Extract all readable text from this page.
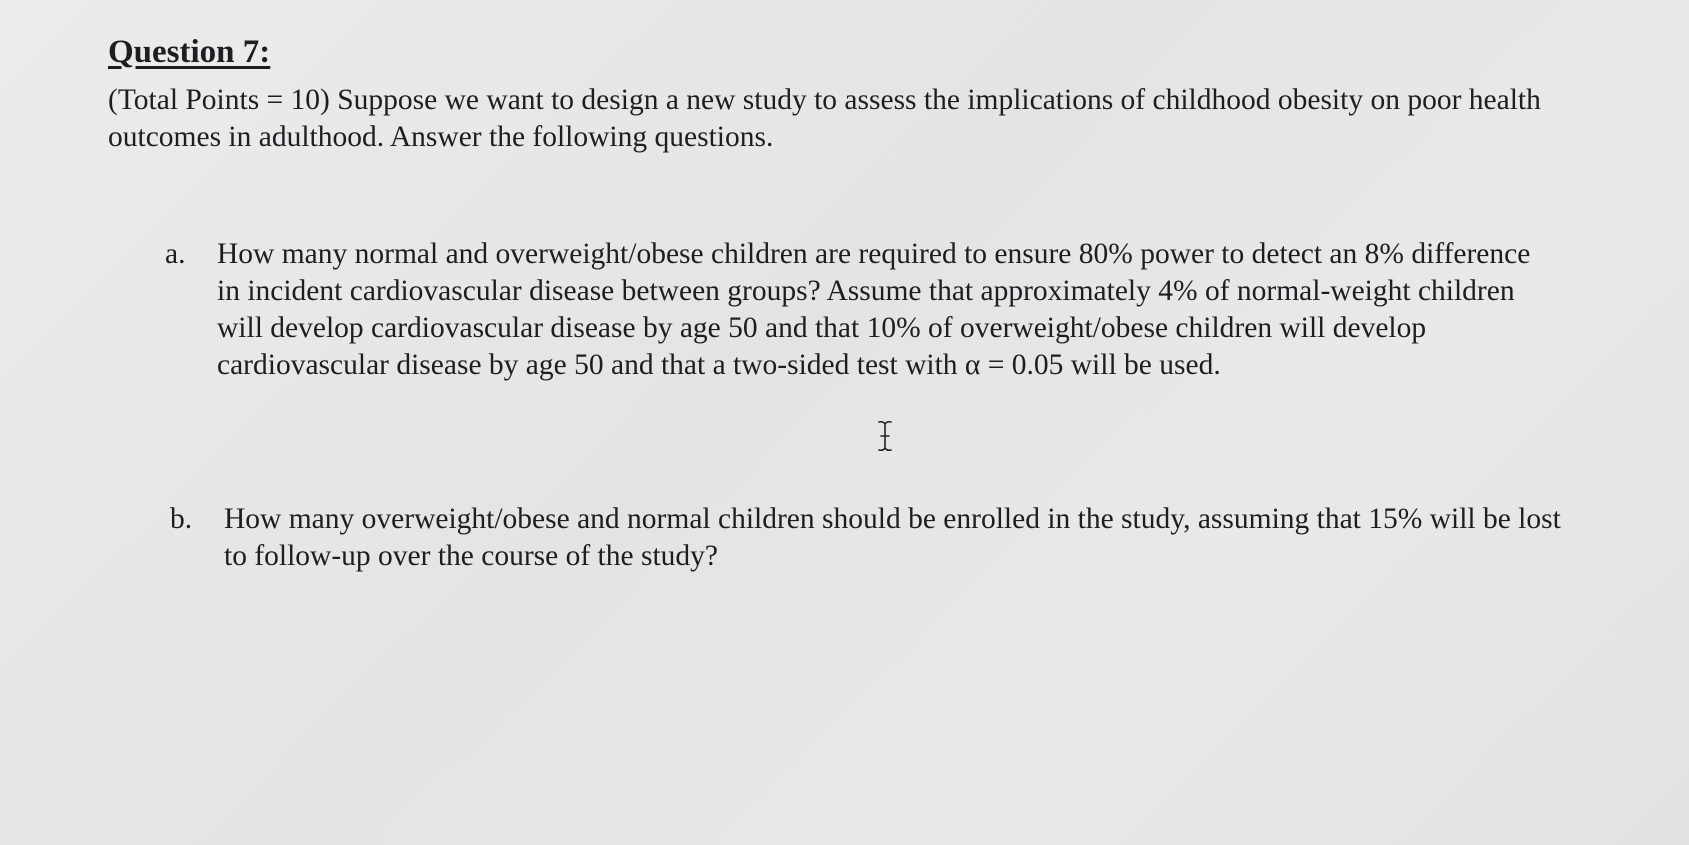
Question 7:

(Total Points = 10) Suppose we want to design a new study to assess the implications of childhood obesity on poor health outcomes in adulthood. Answer the following questions.

a. How many normal and overweight/obese children are required to ensure 80% power to detect an 8% difference in incident cardiovascular disease between groups? Assume that approximately 4% of normal-weight children will develop cardiovascular disease by age 50 and that 10% of overweight/obese children will develop cardiovascular disease by age 50 and that a two-sided test with α = 0.05 will be used.
b. How many overweight/obese and normal children should be enrolled in the study, assuming that 15% will be lost to follow-up over the course of the study?
